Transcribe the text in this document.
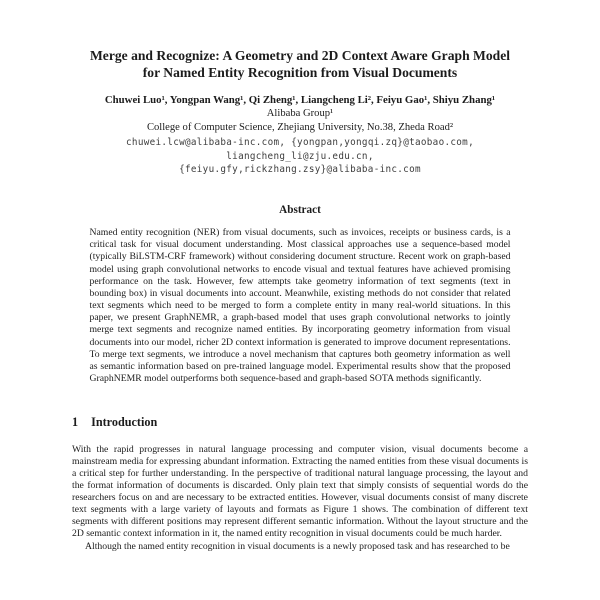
Merge and Recognize: A Geometry and 2D Context Aware Graph Model
for Named Entity Recognition from Visual Documents
Chuwei Luo¹, Yongpan Wang¹, Qi Zheng¹, Liangcheng Li², Feiyu Gao¹, Shiyu Zhang¹
Alibaba Group¹
College of Computer Science, Zhejiang University, No.38, Zheda Road²
chuwei.lcw@alibaba-inc.com, {yongpan,yongqi.zq}@taobao.com,
liangcheng_li@zju.edu.cn,
{feiyu.gfy,rickzhang.zsy}@alibaba-inc.com
Abstract
Named entity recognition (NER) from visual documents, such as invoices, receipts or business cards, is a critical task for visual document understanding. Most classical approaches use a sequence-based model (typically BiLSTM-CRF framework) without considering document structure. Recent work on graph-based model using graph convolutional networks to encode visual and textual features have achieved promising performance on the task. However, few attempts take geometry information of text segments (text in bounding box) in visual documents into account. Meanwhile, existing methods do not consider that related text segments which need to be merged to form a complete entity in many real-world situations. In this paper, we present GraphNEMR, a graph-based model that uses graph convolutional networks to jointly merge text segments and recognize named entities. By incorporating geometry information from visual documents into our model, richer 2D context information is generated to improve document representations. To merge text segments, we introduce a novel mechanism that captures both geometry information as well as semantic information based on pre-trained language model. Experimental results show that the proposed GraphNEMR model outperforms both sequence-based and graph-based SOTA methods significantly.
1 Introduction
With the rapid progresses in natural language processing and computer vision, visual documents become a mainstream media for expressing abundant information. Extracting the named entities from these visual documents is a critical step for further understanding. In the perspective of traditional natural language processing, the layout and the format information of documents is discarded. Only plain text that simply consists of sequential words do the researchers focus on and are necessary to be extracted entities. However, visual documents consist of many discrete text segments with a large variety of layouts and formats as Figure 1 shows. The combination of different text segments with different positions may represent different semantic information. Without the layout structure and the 2D semantic context information in it, the named entity recognition in visual documents could be much harder.
Although the named entity recognition in visual documents is a newly proposed task and has researched to be
